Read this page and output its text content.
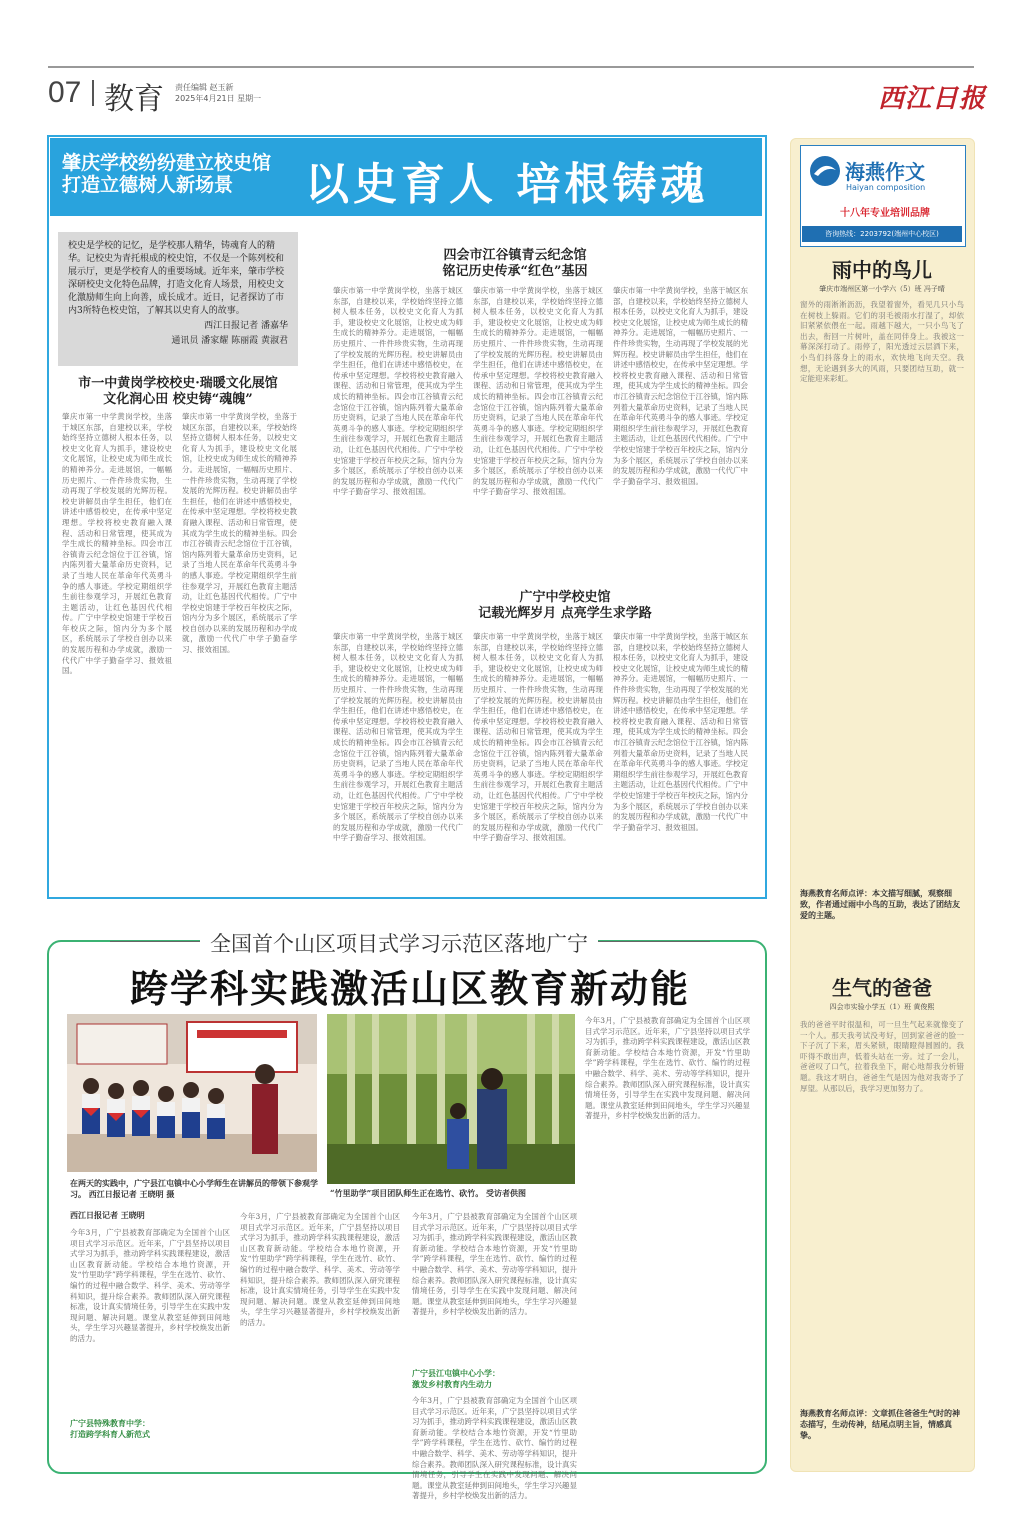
07 教育 责任编辑 赵玉新
2025年4月21日 星期一	西江日报
肇庆学校纷纷建立校史馆 打造立德树人新场景	以史育人 培根铸魂
校史是学校的记忆，是学校那人精华，铸魂育人的精华。记校史为青托根成的校史馆，不仅是一个陈列校和展示厅，更是学校育人的重要场域。近年来，肇市学校深研校史文化特色品牌，打造文化育人场景，用校史文化激励师生向上向善，成长成才。近日，记者探访了市内3所特色校史馆，了解其以史育人的故事。
西江日报记者 潘嘉华
通讯员 潘家耀 陈丽霞 黄淑君
市一中黄岗学校校史·瑞暖文化展馆
文化润心田 校史铸“魂魄”
肇庆市第一中学黄岗学校，坐落于城区东部，自建校以来，学校始终坚持立德树人根本任务，以校史文化育人为抓手，建设校史文化展馆，让校史成为师生成长的精神养分。走进展馆，一幅幅历史照片、一件件珍贵实物，生动再现了学校发展的光辉历程。校史讲解员由学生担任，他们在讲述中感悟校史，在传承中坚定理想。学校将校史教育融入课程、活动和日常管理，使其成为学生成长的精神坐标。四会市江谷镇青云纪念馆位于江谷镇，馆内陈列着大量革命历史资料，记录了当地人民在革命年代英勇斗争的感人事迹。学校定期组织学生前往参观学习，开展红色教育主题活动，让红色基因代代相传。广宁中学校史馆建于学校百年校庆之际，馆内分为多个展区，系统展示了学校自创办以来的发展历程和办学成就，激励一代代广中学子勤奋学习、报效祖国。
肇庆市第一中学黄岗学校，坐落于城区东部，自建校以来，学校始终坚持立德树人根本任务，以校史文化育人为抓手，建设校史文化展馆，让校史成为师生成长的精神养分。走进展馆，一幅幅历史照片、一件件珍贵实物，生动再现了学校发展的光辉历程。校史讲解员由学生担任，他们在讲述中感悟校史，在传承中坚定理想。学校将校史教育融入课程、活动和日常管理，使其成为学生成长的精神坐标。四会市江谷镇青云纪念馆位于江谷镇，馆内陈列着大量革命历史资料，记录了当地人民在革命年代英勇斗争的感人事迹。学校定期组织学生前往参观学习，开展红色教育主题活动，让红色基因代代相传。广宁中学校史馆建于学校百年校庆之际，馆内分为多个展区，系统展示了学校自创办以来的发展历程和办学成就，激励一代代广中学子勤奋学习、报效祖国。
四会市江谷镇青云纪念馆
铭记历史传承“红色”基因
肇庆市第一中学黄岗学校，坐落于城区东部，自建校以来，学校始终坚持立德树人根本任务，以校史文化育人为抓手，建设校史文化展馆，让校史成为师生成长的精神养分。走进展馆，一幅幅历史照片、一件件珍贵实物，生动再现了学校发展的光辉历程。校史讲解员由学生担任，他们在讲述中感悟校史，在传承中坚定理想。学校将校史教育融入课程、活动和日常管理，使其成为学生成长的精神坐标。四会市江谷镇青云纪念馆位于江谷镇，馆内陈列着大量革命历史资料，记录了当地人民在革命年代英勇斗争的感人事迹。学校定期组织学生前往参观学习，开展红色教育主题活动，让红色基因代代相传。广宁中学校史馆建于学校百年校庆之际，馆内分为多个展区，系统展示了学校自创办以来的发展历程和办学成就，激励一代代广中学子勤奋学习、报效祖国。
肇庆市第一中学黄岗学校，坐落于城区东部，自建校以来，学校始终坚持立德树人根本任务，以校史文化育人为抓手，建设校史文化展馆，让校史成为师生成长的精神养分。走进展馆，一幅幅历史照片、一件件珍贵实物，生动再现了学校发展的光辉历程。校史讲解员由学生担任，他们在讲述中感悟校史，在传承中坚定理想。学校将校史教育融入课程、活动和日常管理，使其成为学生成长的精神坐标。四会市江谷镇青云纪念馆位于江谷镇，馆内陈列着大量革命历史资料，记录了当地人民在革命年代英勇斗争的感人事迹。学校定期组织学生前往参观学习，开展红色教育主题活动，让红色基因代代相传。广宁中学校史馆建于学校百年校庆之际，馆内分为多个展区，系统展示了学校自创办以来的发展历程和办学成就，激励一代代广中学子勤奋学习、报效祖国。
肇庆市第一中学黄岗学校，坐落于城区东部，自建校以来，学校始终坚持立德树人根本任务，以校史文化育人为抓手，建设校史文化展馆，让校史成为师生成长的精神养分。走进展馆，一幅幅历史照片、一件件珍贵实物，生动再现了学校发展的光辉历程。校史讲解员由学生担任，他们在讲述中感悟校史，在传承中坚定理想。学校将校史教育融入课程、活动和日常管理，使其成为学生成长的精神坐标。四会市江谷镇青云纪念馆位于江谷镇，馆内陈列着大量革命历史资料，记录了当地人民在革命年代英勇斗争的感人事迹。学校定期组织学生前往参观学习，开展红色教育主题活动，让红色基因代代相传。广宁中学校史馆建于学校百年校庆之际，馆内分为多个展区，系统展示了学校自创办以来的发展历程和办学成就，激励一代代广中学子勤奋学习、报效祖国。
广宁中学校史馆
记载光辉岁月 点亮学生求学路
肇庆市第一中学黄岗学校，坐落于城区东部，自建校以来，学校始终坚持立德树人根本任务，以校史文化育人为抓手，建设校史文化展馆，让校史成为师生成长的精神养分。走进展馆，一幅幅历史照片、一件件珍贵实物，生动再现了学校发展的光辉历程。校史讲解员由学生担任，他们在讲述中感悟校史，在传承中坚定理想。学校将校史教育融入课程、活动和日常管理，使其成为学生成长的精神坐标。四会市江谷镇青云纪念馆位于江谷镇，馆内陈列着大量革命历史资料，记录了当地人民在革命年代英勇斗争的感人事迹。学校定期组织学生前往参观学习，开展红色教育主题活动，让红色基因代代相传。广宁中学校史馆建于学校百年校庆之际，馆内分为多个展区，系统展示了学校自创办以来的发展历程和办学成就，激励一代代广中学子勤奋学习、报效祖国。
肇庆市第一中学黄岗学校，坐落于城区东部，自建校以来，学校始终坚持立德树人根本任务，以校史文化育人为抓手，建设校史文化展馆，让校史成为师生成长的精神养分。走进展馆，一幅幅历史照片、一件件珍贵实物，生动再现了学校发展的光辉历程。校史讲解员由学生担任，他们在讲述中感悟校史，在传承中坚定理想。学校将校史教育融入课程、活动和日常管理，使其成为学生成长的精神坐标。四会市江谷镇青云纪念馆位于江谷镇，馆内陈列着大量革命历史资料，记录了当地人民在革命年代英勇斗争的感人事迹。学校定期组织学生前往参观学习，开展红色教育主题活动，让红色基因代代相传。广宁中学校史馆建于学校百年校庆之际，馆内分为多个展区，系统展示了学校自创办以来的发展历程和办学成就，激励一代代广中学子勤奋学习、报效祖国。
肇庆市第一中学黄岗学校，坐落于城区东部，自建校以来，学校始终坚持立德树人根本任务，以校史文化育人为抓手，建设校史文化展馆，让校史成为师生成长的精神养分。走进展馆，一幅幅历史照片、一件件珍贵实物，生动再现了学校发展的光辉历程。校史讲解员由学生担任，他们在讲述中感悟校史，在传承中坚定理想。学校将校史教育融入课程、活动和日常管理，使其成为学生成长的精神坐标。四会市江谷镇青云纪念馆位于江谷镇，馆内陈列着大量革命历史资料，记录了当地人民在革命年代英勇斗争的感人事迹。学校定期组织学生前往参观学习，开展红色教育主题活动，让红色基因代代相传。广宁中学校史馆建于学校百年校庆之际，馆内分为多个展区，系统展示了学校自创办以来的发展历程和办学成就，激励一代代广中学子勤奋学习、报效祖国。
全国首个山区项目式学习示范区落地广宁
跨学科实践激活山区教育新动能
在两天的实践中，广宁县江屯镇中心小学师生在讲解员的带领下参观学习。 西江日报记者 王晓明 摄	“竹里助学”项目团队师生正在选竹、砍竹。 受访者供图
西江日报记者 王晓明
今年3月，广宁县被教育部确定为全国首个山区项目式学习示范区。近年来，广宁县坚持以项目式学习为抓手，推动跨学科实践课程建设，激活山区教育新动能。学校结合本地竹资源，开发“竹里助学”跨学科课程，学生在选竹、砍竹、编竹的过程中融合数学、科学、美术、劳动等学科知识，提升综合素养。教师团队深入研究课程标准，设计真实情境任务，引导学生在实践中发现问题、解决问题。课堂从教室延伸到田间地头，学生学习兴趣显著提升，乡村学校焕发出新的活力。
今年3月，广宁县被教育部确定为全国首个山区项目式学习示范区。近年来，广宁县坚持以项目式学习为抓手，推动跨学科实践课程建设，激活山区教育新动能。学校结合本地竹资源，开发“竹里助学”跨学科课程，学生在选竹、砍竹、编竹的过程中融合数学、科学、美术、劳动等学科知识，提升综合素养。教师团队深入研究课程标准，设计真实情境任务，引导学生在实践中发现问题、解决问题。课堂从教室延伸到田间地头，学生学习兴趣显著提升，乡村学校焕发出新的活力。
广宁县特殊教育中学：
打造跨学科育人新范式
今年3月，广宁县被教育部确定为全国首个山区项目式学习示范区。近年来，广宁县坚持以项目式学习为抓手，推动跨学科实践课程建设，激活山区教育新动能。学校结合本地竹资源，开发“竹里助学”跨学科课程，学生在选竹、砍竹、编竹的过程中融合数学、科学、美术、劳动等学科知识，提升综合素养。教师团队深入研究课程标准，设计真实情境任务，引导学生在实践中发现问题、解决问题。课堂从教室延伸到田间地头，学生学习兴趣显著提升，乡村学校焕发出新的活力。
今年3月，广宁县被教育部确定为全国首个山区项目式学习示范区。近年来，广宁县坚持以项目式学习为抓手，推动跨学科实践课程建设，激活山区教育新动能。学校结合本地竹资源，开发“竹里助学”跨学科课程，学生在选竹、砍竹、编竹的过程中融合数学、科学、美术、劳动等学科知识，提升综合素养。教师团队深入研究课程标准，设计真实情境任务，引导学生在实践中发现问题、解决问题。课堂从教室延伸到田间地头，学生学习兴趣显著提升，乡村学校焕发出新的活力。
广宁县江屯镇中心小学：
激发乡村教育内生动力
今年3月，广宁县被教育部确定为全国首个山区项目式学习示范区。近年来，广宁县坚持以项目式学习为抓手，推动跨学科实践课程建设，激活山区教育新动能。学校结合本地竹资源，开发“竹里助学”跨学科课程，学生在选竹、砍竹、编竹的过程中融合数学、科学、美术、劳动等学科知识，提升综合素养。教师团队深入研究课程标准，设计真实情境任务，引导学生在实践中发现问题、解决问题。课堂从教室延伸到田间地头，学生学习兴趣显著提升，乡村学校焕发出新的活力。
海燕作文
Haiyan composition
十八年专业培训品牌
咨询热线：2203792(端州中心校区)
雨中的鸟儿
肇庆市端州区第一小学六（5）班 冯子晴
窗外的雨淅淅沥沥，我望着窗外，看见几只小鸟在树枝上躲雨。它们的羽毛被雨水打湿了，却依旧紧紧依偎在一起。雨越下越大，一只小鸟飞了出去，衔回一片树叶，盖在同伴身上。我被这一幕深深打动了。雨停了，阳光透过云层洒下来，小鸟们抖落身上的雨水，欢快地飞向天空。我想，无论遇到多大的风雨，只要团结互助，就一定能迎来彩虹。
海燕教育名师点评：本文描写细腻，观察细致，作者通过雨中小鸟的互助，表达了团结友爱的主题。
生气的爸爸
四会市实验小学五（1）班 黄俊熙
我的爸爸平时很温和，可一旦生气起来就像变了一个人。那天我考试没考好，回到家爸爸的脸一下子沉了下来，眉头紧锁，眼睛瞪得圆圆的。我吓得不敢出声，低着头站在一旁。过了一会儿，爸爸叹了口气，拉着我坐下，耐心地帮我分析错题。我这才明白，爸爸生气是因为他对我寄予了厚望。从那以后，我学习更加努力了。
海燕教育名师点评：文章抓住爸爸生气时的神态描写，生动传神，结尾点明主旨，情感真挚。
